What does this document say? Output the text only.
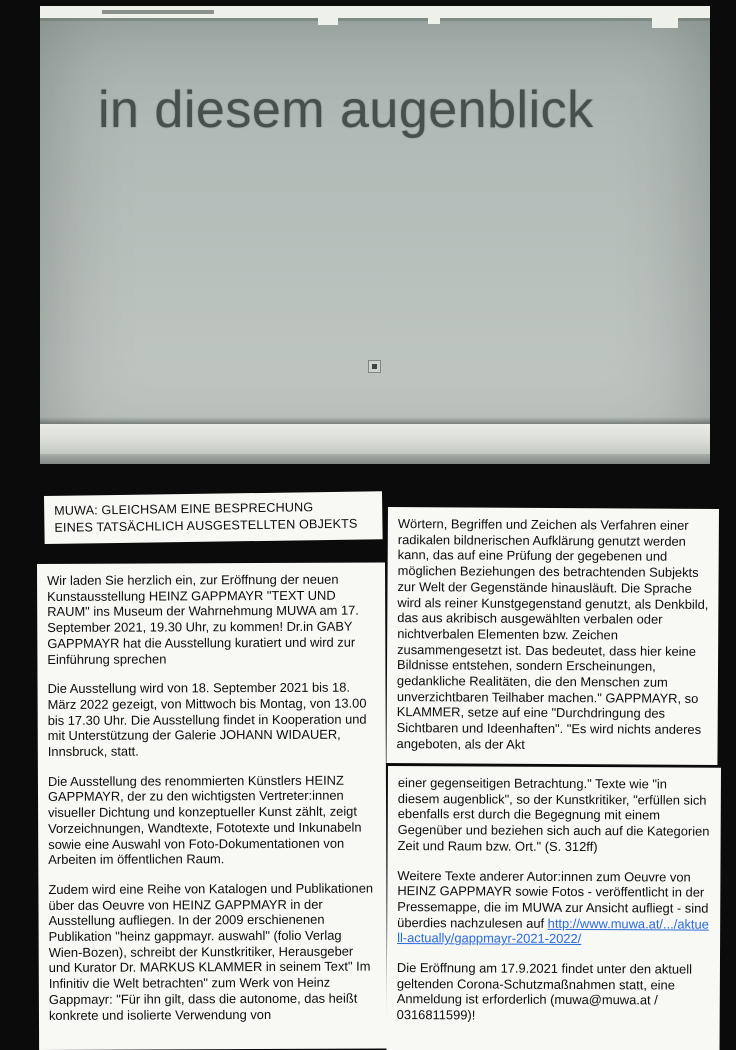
in diesem augenblick
MUWA: GLEICHSAM EINE BESPRECHUNG
EINES TATSÄCHLICH AUSGESTELLTEN OBJEKTS

Wir laden Sie herzlich ein, zur Eröffnung der neuen Kunstausstellung HEINZ GAPPMAYR "TEXT UND RAUM" ins Museum der Wahrnehmung MUWA am 17. September 2021, 19.30 Uhr, zu kommen! Dr.in GABY GAPPMAYR hat die Ausstellung kuratiert und wird zur Einführung sprechen

Die Ausstellung wird von 18. September 2021 bis 18. März 2022 gezeigt, von Mittwoch bis Montag, von 13.00 bis 17.30 Uhr. Die Ausstellung findet in Kooperation und mit Unterstützung der Galerie JOHANN WIDAUER, Innsbruck, statt.

Die Ausstellung des renommierten Künstlers HEINZ GAPPMAYR, der zu den wichtigsten Vertreter:innen visueller Dichtung und konzeptueller Kunst zählt, zeigt Vorzeichnungen, Wandtexte, Fototexte und Inkunabeln sowie eine Auswahl von Foto-Dokumentationen von Arbeiten im öffentlichen Raum.

Zudem wird eine Reihe von Katalogen und Publikationen über das Oeuvre von HEINZ GAPPMAYR in der Ausstellung aufliegen. In der 2009 erschienenen Publikation "heinz gappmayr. auswahl" (folio Verlag Wien-Bozen), schreibt der Kunstkritiker, Herausgeber und Kurator Dr. MARKUS KLAMMER in seinem Text" Im Infinitiv die Welt betrachten" zum Werk von Heinz Gappmayr: "Für ihn gilt, dass die autonome, das heißt konkrete und isolierte Verwendung von

Wörtern, Begriffen und Zeichen als Verfahren einer radikalen bildnerischen Aufklärung genutzt werden kann, das auf eine Prüfung der gegebenen und möglichen Beziehungen des betrachtenden Subjekts zur Welt der Gegenstände hinausläuft. Die Sprache wird als reiner Kunstgegenstand genutzt, als Denkbild, das aus akribisch ausgewählten verbalen oder nichtverbalen Elementen bzw. Zeichen zusammengesetzt ist. Das bedeutet, dass hier keine Bildnisse entstehen, sondern Erscheinungen, gedankliche Realitäten, die den Menschen zum unverzichtbaren Teilhaber machen." GAPPMAYR, so KLAMMER, setze auf eine "Durchdringung des Sichtbaren und Ideenhaften". "Es wird nichts anderes angeboten, als der Akt

einer gegenseitigen Betrachtung." Texte wie "in diesem augenblick", so der Kunstkritiker, "erfüllen sich ebenfalls erst durch die Begegnung mit einem Gegenüber und beziehen sich auch auf die Kategorien Zeit und Raum bzw. Ort." (S. 312ff)

Weitere Texte anderer Autor:innen zum Oeuvre von HEINZ GAPPMAYR sowie Fotos - veröffentlicht in der Pressemappe, die im MUWA zur Ansicht aufliegt - sind überdies nachzulesen auf http://www.muwa.at/.../aktuell-actually/gappmayr-2021-2022/

Die Eröffnung am 17.9.2021 findet unter den aktuell geltenden Corona-Schutzmaßnahmen statt, eine Anmeldung ist erforderlich (muwa@muwa.at / 0316811599)!
